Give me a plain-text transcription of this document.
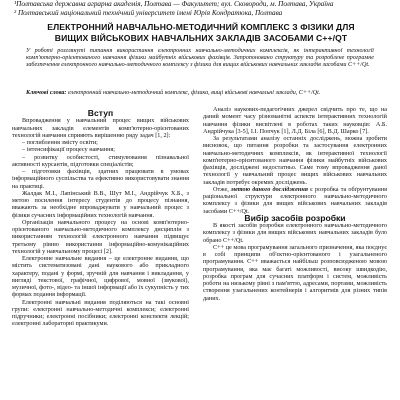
¹Полтавська державна аграрна академія, Полтава — Факультет; вул. Сковороди, м. Полтава, Україна
² Полтавський національний технічний університет імені Юрія Кондратюка, Полтава
ЕЛЕКТРОННИЙ НАВЧАЛЬНО-МЕТОДИЧНИЙ КОМПЛЕКС З ФІЗИКИ ДЛЯ ВИЩИХ ВІЙСЬКОВИХ НАВЧАЛЬНИХ ЗАКЛАДІВ ЗАСОБАМИ C++/QT
У роботі розглянуті питання використання електронних навчально-методичних комплексів, як інтерактивної технології комп'ютерно-орієнтованого навчання фізики майбутніх військових фахівців. Запропоновано структуру та розроблене програмне забезпечення електронного навчально-методичного комплексу з фізики для вищих військових навчальних закладів засобами C++/Qt.
Ключові слова: електронний навчально-методичний комплекс, фізика, вищі військові навчальні заклади, C++/Qt.

Вступ

Впровадження у навчальний процес вищих військових навчальних закладів елементів комп'ютерно-орієнтованих технологій навчання сприяють вирішенню ряду задач [1, 2]:

– поглиблення змісту освіти;

– інтенсифікації процесу навчання;

– розвитку особистості, стимулювання пізнавальної активності курсантів, підготовки спеціалістів;

– підготовки фахівців, здатних працювати в умовах інформаційного суспільства та ефективно використовувати знання на практиці.

Жалдак М.І., Лапінський В.В., Шут М.І., Андрійчук Х.Б., з метою посилення інтересу студентів до процесу пізнання, вважають за необхідне впроваджувати у навчальний процес з фізики сучасних інформаційних технологій навчання.

Організація навчального процесу на основі комп'ютерно-орієнтованого навчально-методичного комплексу дисциплін з використанням технологій електронного навчання підвищує третьому рівню використання інформаційно-комунікаційних технологій у навчальному процесі [2].

Електронне навчальне видання – це електронне видання, що містить систематизовані дані наукового або прикладного характеру, подані у формі, зручній для навчання і викладання, у вигляді текстової, графічної, цифрової, мовної (звукової), музичної, фото-, відео- та іншої інформації або їх сукупність у тих формах подання інформації.

Електронні навчальні видання поділяються на такі основні групи: електронні навчально-методичні комплекси; електронні підручники; електронні посібники; електронні конспекти лекцій; електронні лабораторні практикуми.

Аналіз наукових-педагогічних джерел свідчить про те, що на даний момент часу різноманітні аспекти інтерактивних технологій навчання фізики висвітлені в роботах таких науковців: А.Б. Андрійчука [3-5], І.І. Попчук [1], Л.Д. Біла [6], В.Д. Шарко [7].

За результатами аналізу останніх досліджень, можна зробити висновок, що питання розробки та застосування електронних навчально-методичних комплексів, як інтерактивної технології комп'ютерно-орієнтованого навчання фізики майбутніх військових фахівців, досліджені недостатньо. Саме тому впровадження даної технології у навчальний процес вищих військових навчальних закладів потребує окремих досліджень.

Отже, метою даного дослідження є розробка та обґрунтування раціональної структури електронного навчально-методичного комплексу з фізики для вищих військових навчальних закладів засобами C++/Qt.

Вибір засобів розробки

В якості засобів розробки електронного навчально-методичного комплексу з фізики для вищих військових навчальних закладів було обрано C++/Qt.

C++ це мова програмування загального призначення, яка поєднує в собі принципи об'єктно-орієнтованого і узагальненого програмування. C++ вважається найбільш розповсюдженою мовою програмування, яка має багаті можливості, високу швидкодію, розробка програм для сучасних платформ і систем, можливість роботи на низькому рівні з пам'яттю, адресами, портами, можливість створення узагальнених контейнерів і алгоритмів для різних типів даних.
